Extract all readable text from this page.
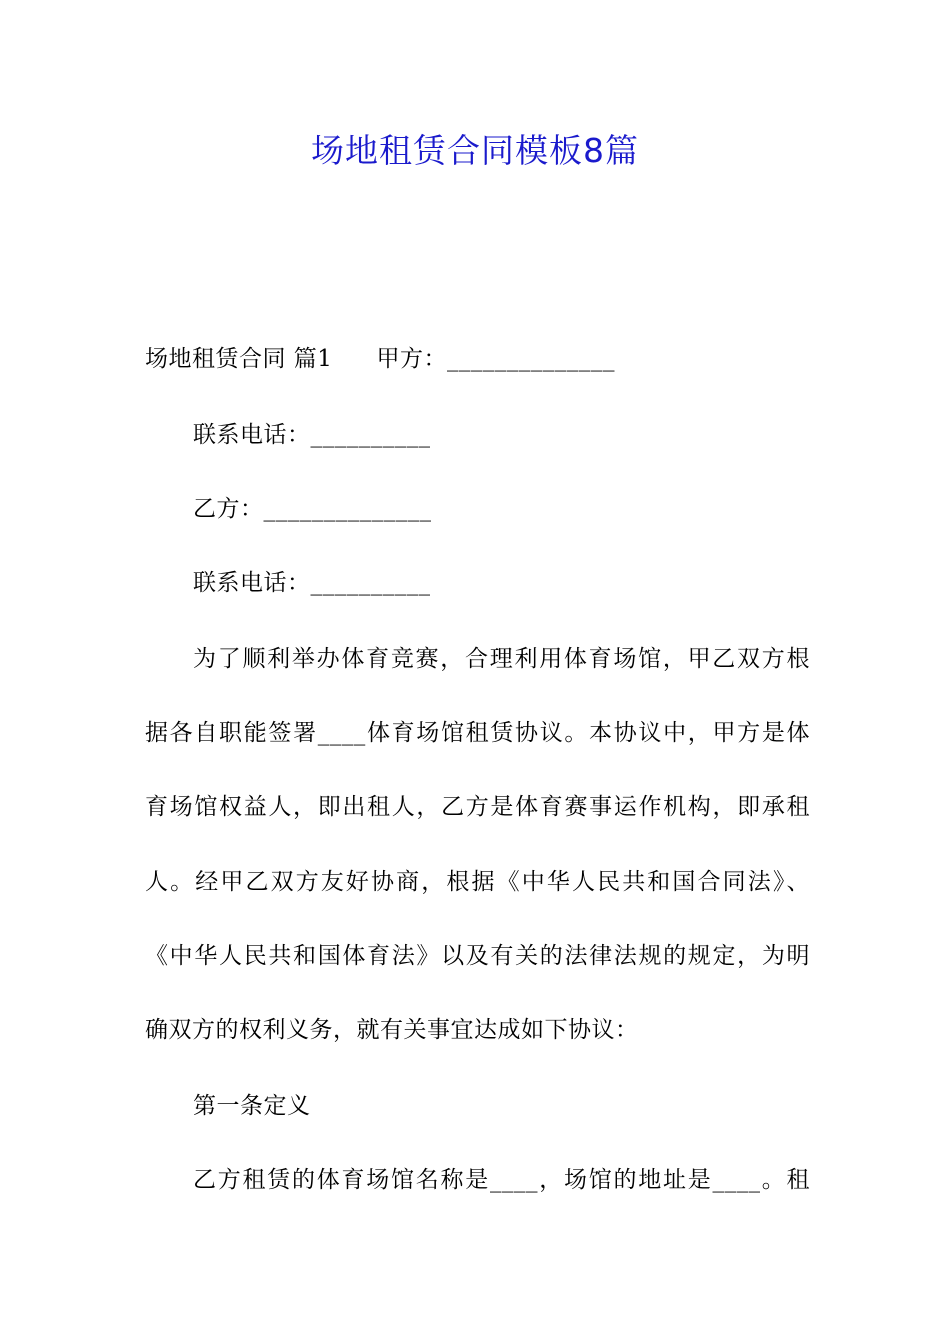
场地租赁合同模板8篇
场地租赁合同 篇1 甲方：______________
联系电话：__________
乙方：______________
联系电话：__________
为了顺利举办体育竞赛，合理利用体育场馆，甲乙双方根
据各自职能签署____体育场馆租赁协议。本协议中，甲方是体
育场馆权益人，即出租人，乙方是体育赛事运作机构，即承租
人。经甲乙双方友好协商，根据《中华人民共和国合同法》、
《中华人民共和国体育法》以及有关的法律法规的规定，为明
确双方的权利义务，就有关事宜达成如下协议：
第一条定义
乙方租赁的体育场馆名称是____，场馆的地址是____。租
